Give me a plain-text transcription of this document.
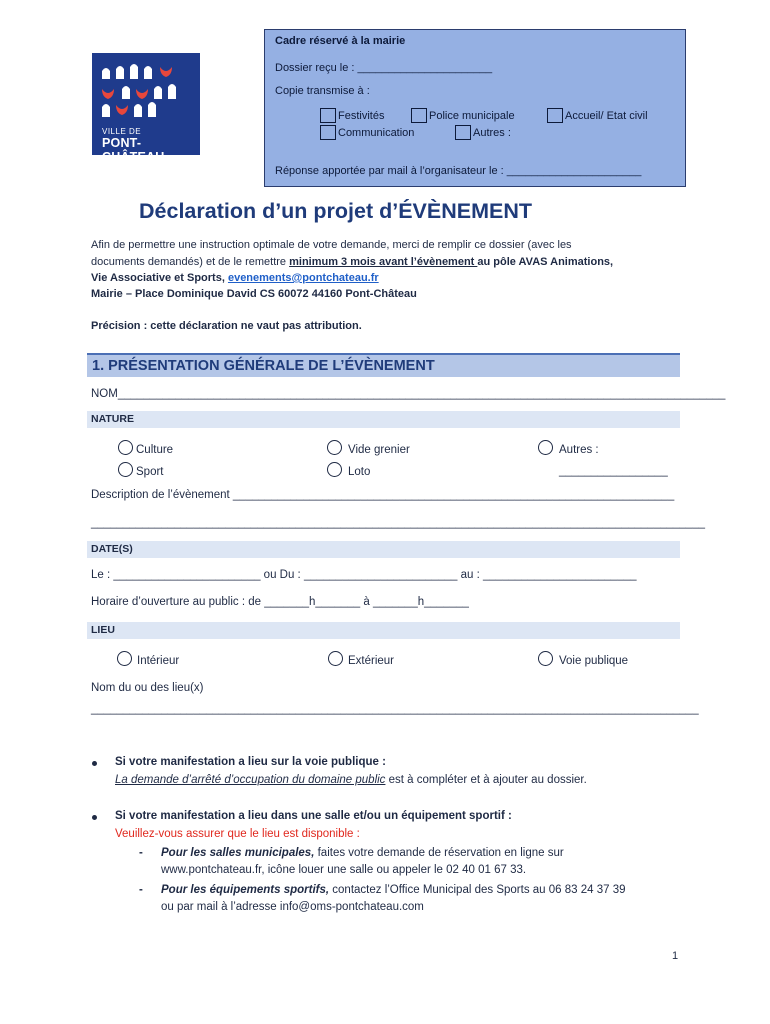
VILLE DE
PONT-CHÂTEAU
Cadre réservé à la mairie
Dossier reçu le : ______________________
Copie transmise à :
Festivités	Police municipale	Accueil/ Etat civil
Communication	Autres :
Réponse apportée par mail à l’organisateur le : ______________________
Déclaration d’un projet d’ÉVÈNEMENT
Afin de permettre une instruction optimale de votre demande, merci de remplir ce dossier (avec les
documents demandés) et de le remettre minimum 3 mois avant l’évènement au pôle AVAS Animations,
Vie Associative et Sports, evenements@pontchateau.fr
Mairie – Place Dominique David CS 60072 44160 Pont-Château
Précision : cette déclaration ne vaut pas attribution.
1. PRÉSENTATION GÉNÉRALE DE L’ÉVÈNEMENT
NOM_______________________________________________________________________________________________
NATURE
Culture	Vide grenier	Autres :
Sport	Loto	_________________
Description de l’évènement _____________________________________________________________________
________________________________________________________________________________________________
DATE(S)
Le : _______________________ ou Du : ________________________ au : ________________________
Horaire d’ouverture au public : de _______h_______ à _______h_______
LIEU
Intérieur	Extérieur	Voie publique
Nom du ou des lieu(x)
_______________________________________________________________________________________________
Si votre manifestation a lieu sur la voie publique :
La demande d’arrêté d’occupation du domaine public est à compléter et à ajouter au dossier.
Si votre manifestation a lieu dans une salle et/ou un équipement sportif :
Veuillez-vous assurer que le lieu est disponible :
- Pour les salles municipales, faites votre demande de réservation en ligne sur
www.pontchateau.fr, icône louer une salle ou appeler le 02 40 01 67 33.
- Pour les équipements sportifs, contactez l’Office Municipal des Sports au 06 83 24 37 39
ou par mail à l’adresse info@oms-pontchateau.com
1
